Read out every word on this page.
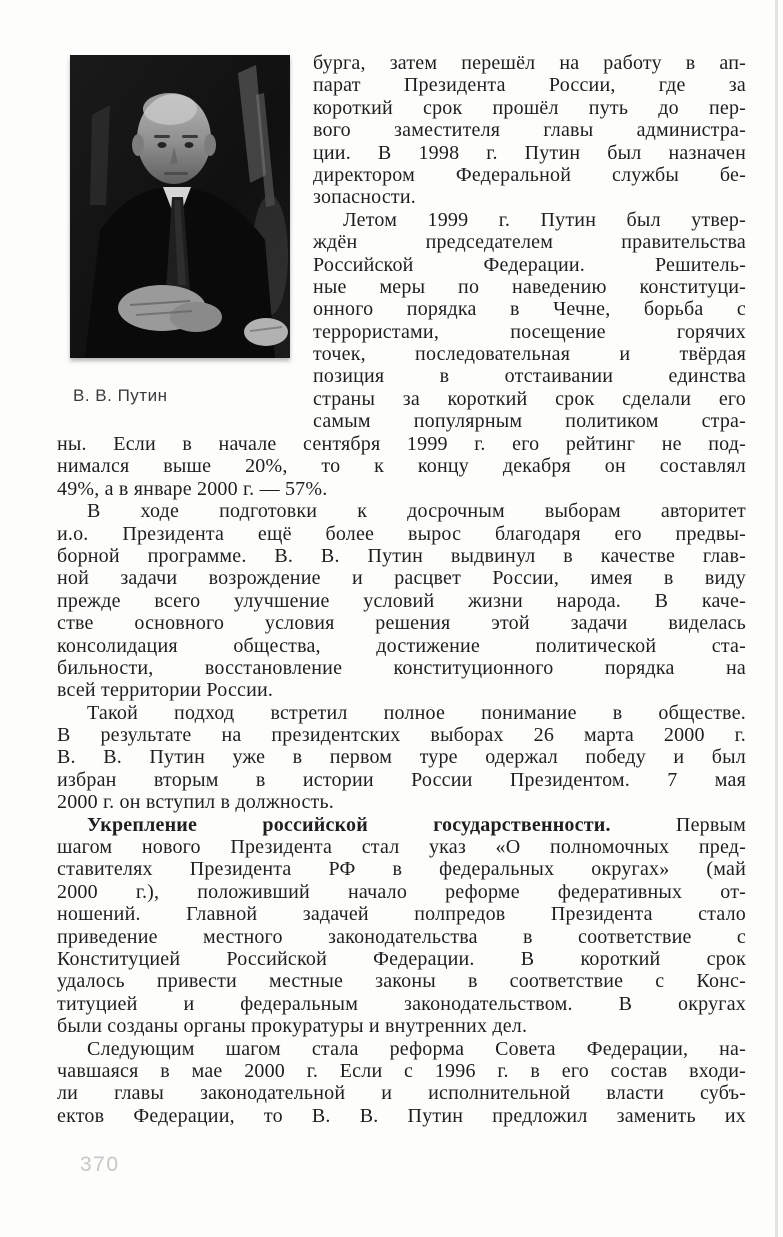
В. В. Путин
бурга, затем перешёл на работу в ап-
парат Президента России, где за
короткий срок прошёл путь до пер-
вого заместителя главы администра-
ции. В 1998 г. Путин был назначен
директором Федеральной службы бе-
зопасности.
Летом 1999 г. Путин был утвер-
ждён председателем правительства
Российской Федерации. Решитель-
ные меры по наведению конституци-
онного порядка в Чечне, борьба с
террористами, посещение горячих
точек, последовательная и твёрдая
позиция в отстаивании единства
страны за короткий срок сделали его
самым популярным политиком стра-
ны. Если в начале сентября 1999 г. его рейтинг не под-
нимался выше 20%, то к концу декабря он составлял
49%, а в январе 2000 г. — 57%.
В ходе подготовки к досрочным выборам авторитет
и.о. Президента ещё более вырос благодаря его предвы-
борной программе. В. В. Путин выдвинул в качестве глав-
ной задачи возрождение и расцвет России, имея в виду
прежде всего улучшение условий жизни народа. В каче-
стве основного условия решения этой задачи виделась
консолидация общества, достижение политической ста-
бильности, восстановление конституционного порядка на
всей территории России.
Такой подход встретил полное понимание в обществе.
В результате на президентских выборах 26 марта 2000 г.
В. В. Путин уже в первом туре одержал победу и был
избран вторым в истории России Президентом. 7 мая
2000 г. он вступил в должность.
Укрепление российской государственности. Первым
шагом нового Президента стал указ «О полномочных пред-
ставителях Президента РФ в федеральных округах» (май
2000 г.), положивший начало реформе федеративных от-
ношений. Главной задачей полпредов Президента стало
приведение местного законодательства в соответствие с
Конституцией Российской Федерации. В короткий срок
удалось привести местные законы в соответствие с Конс-
титуцией и федеральным законодательством. В округах
были созданы органы прокуратуры и внутренних дел.
Следующим шагом стала реформа Совета Федерации, на-
чавшаяся в мае 2000 г. Если с 1996 г. в его состав входи-
ли главы законодательной и исполнительной власти субъ-
ектов Федерации, то В. В. Путин предложил заменить их
370
